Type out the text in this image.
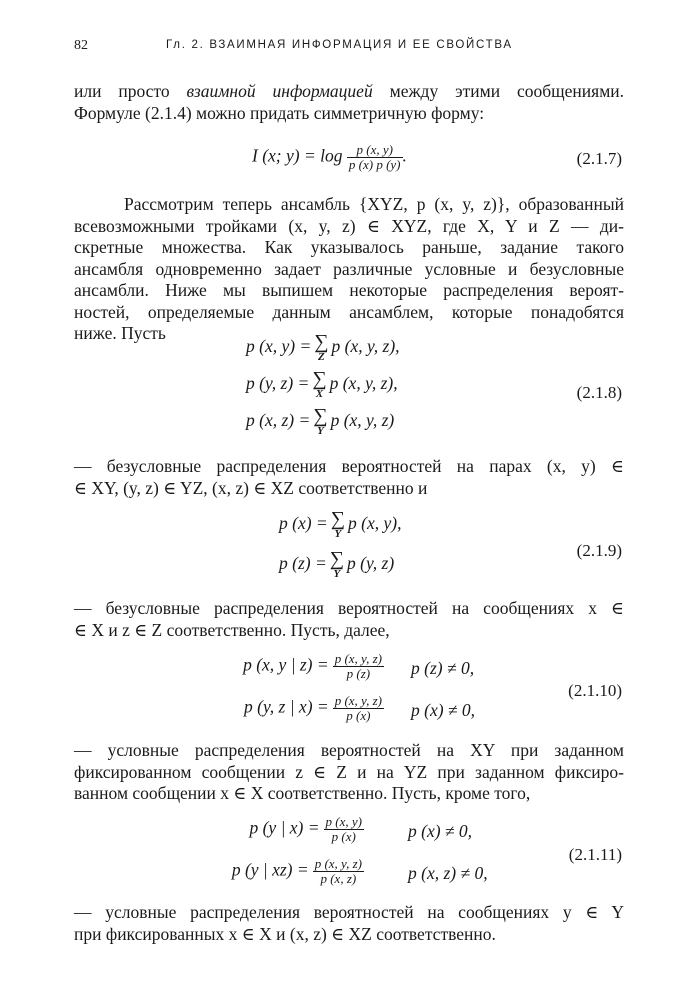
82	Гл. 2. ВЗАИМНАЯ ИНФОРМАЦИЯ И ЕЕ СВОЙСТВА
или просто взаимной информацией между этими сообщениями.
Формуле (2.1.4) можно придать симметричную форму:
I (x; $y) = \log \frac{p (x, y)}{p (x) p (y)}$ .	(2.1.7)
Рассмотрим теперь ансамбль {XYZ, p (x, y, z)}, образованный
всевозможными тройками (x, y, z) ∈ XYZ, где X, Y и Z — ди-
скретные множества. Как указывалось раньше, задание такого
ансамбля одновременно задает различные условные и безусловные
ансамбли. Ниже мы выпишем некоторые распределения вероят-
ностей, определяемые данным ансамблем, которые понадобятся
ниже. Пусть
p (x, y) = ∑
Z
p (x, y, z),
p (y, z) = ∑
X
p (x, y, z),
p (x, z) = ∑
Y
p (x, y, z)
(2.1.8)
— безусловные распределения вероятностей на парах (x, y) ∈
∈ XY, (y, z) ∈ YZ, (x, z) ∈ XZ соответственно и
p (x) = ∑
Y
p (x, y),
p (z) = ∑
Y
p (y, z)
(2.1.9)
— безусловные распределения вероятностей на сообщениях x ∈
∈ X и z ∈ Z соответственно. Пусть, далее,
p (x, y | $z) = \frac{p (x, y, z)}{p (z)}$ p (z) ≠ 0,
p (y, z | $x) = \frac{p (x, y, z)}{p (x)}$ p (x) ≠ 0,
(2.1.10)
— условные распределения вероятностей на XY при заданном
фиксированном сообщении z ∈ Z и на YZ при заданном фиксиро-
ванном сообщении x ∈ X соответственно. Пусть, кроме того,
p (y | $x) = \frac{p (x, y)}{p (x)}$	p (x) ≠ 0,
p (y | $xz) = \frac{p (x, y, z)}{p (x, z)}$	p (x, z) ≠ 0,
(2.1.11)
— условные распределения вероятностей на сообщениях y ∈ Y
при фиксированных x ∈ X и (x, z) ∈ XZ соответственно.
